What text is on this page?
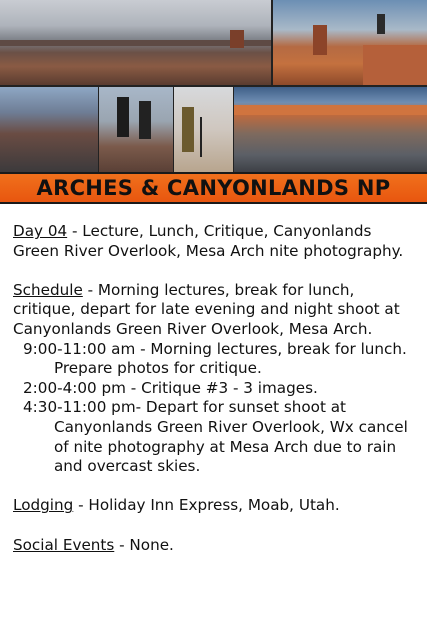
ARCHES & CANYONLANDS NP

Day 04 - Lecture, Lunch, Critique, Canyonlands Green River Overlook, Mesa Arch nite photography.

Schedule - Morning lectures, break for lunch, critique, depart for late evening and night shoot at Canyonlands Green River Overlook, Mesa Arch.

9:00-11:00 am - Morning lectures, break for lunch.

Prepare photos for critique.

2:00-4:00 pm - Critique #3 - 3 images.

4:30-11:00 pm- Depart for sunset shoot at

Canyonlands Green River Overlook, Wx cancel of nite photography at Mesa Arch due to rain and overcast skies.

Lodging - Holiday Inn Express, Moab, Utah.

Social Events - None.
